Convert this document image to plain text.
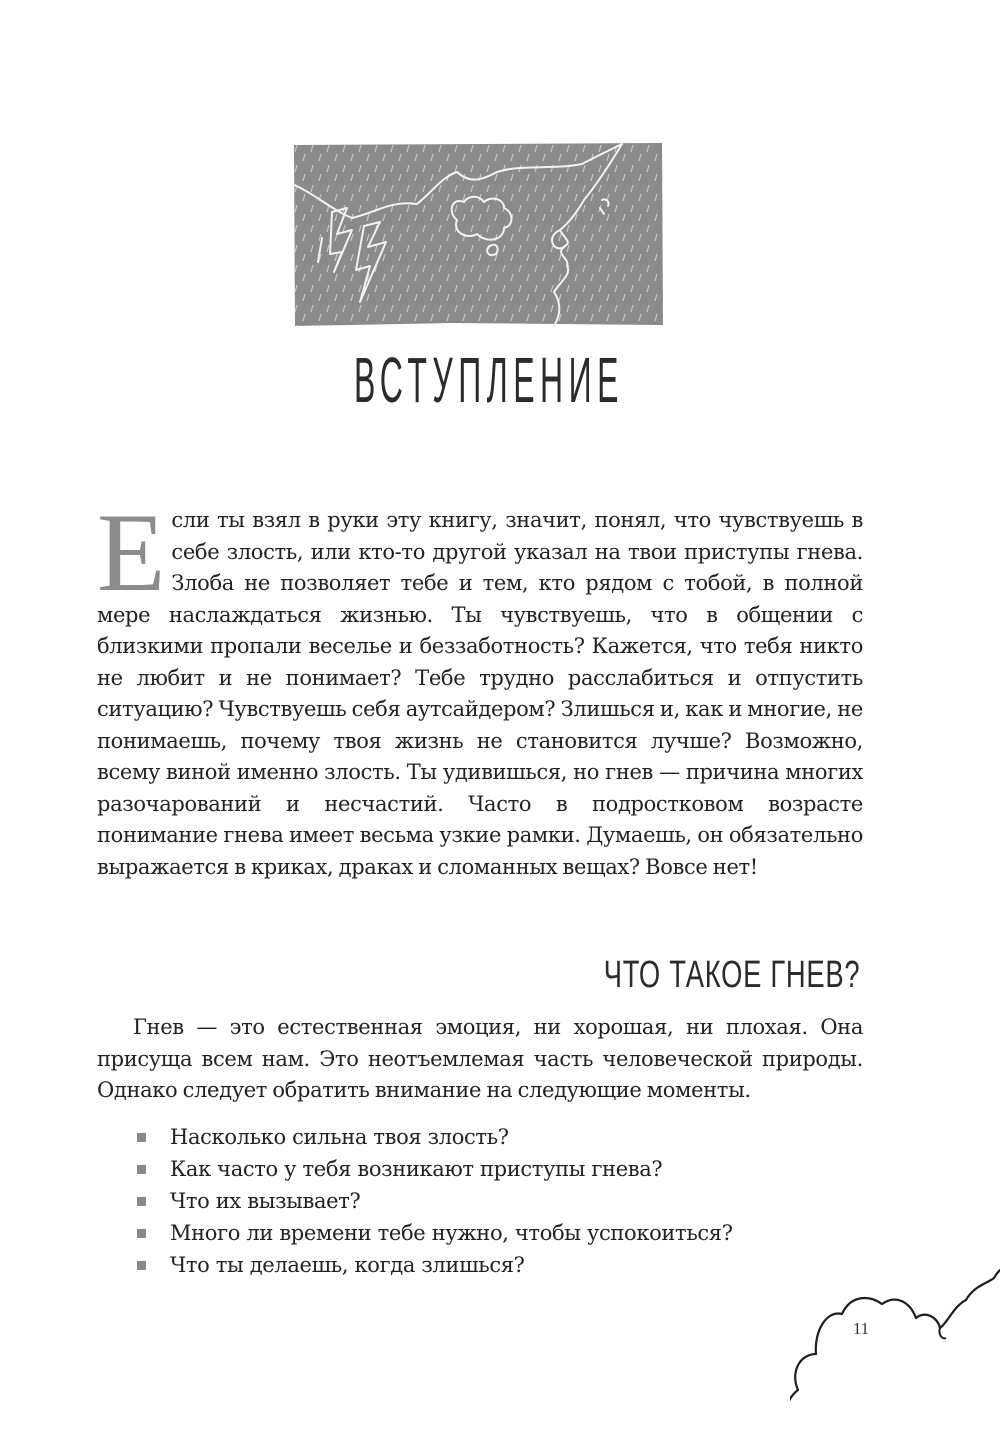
ВСТУПЛЕНИЕ
Е сли ты взял в руки эту книгу, значит, понял, что чувствуешь в себе злость, или кто-то другой указал на твои приступы гнева. Злоба не позволяет тебе и тем, кто рядом с тобой, в полной мере наслаждаться жизнью. Ты чувствуешь, что в общении с близкими пропали веселье и беззаботность? Кажется, что тебя никто не любит и не понимает? Тебе трудно расслабиться и отпустить ситуацию? Чувствуешь себя аутсайдером? Злишься и, как и многие, не понимаешь, почему твоя жизнь не становится лучше? Возможно, всему виной именно злость. Ты удивишься, но гнев — причина многих разочарований и несчастий. Часто в подростковом возрасте понимание гнева имеет весьма узкие рамки. Думаешь, он обязательно выражается в криках, драках и сломанных вещах? Вовсе нет!

ЧТО ТАКОЕ ГНЕВ?

Гнев — это естественная эмоция, ни хорошая, ни плохая. Она присуща всем нам. Это неотъемлемая часть человеческой природы. Однако следует обратить внимание на следующие моменты.

Насколько сильна твоя злость?
Как часто у тебя возникают приступы гнева?
Что их вызывает?
Много ли времени тебе нужно, чтобы успокоиться?
Что ты делаешь, когда злишься?
11
